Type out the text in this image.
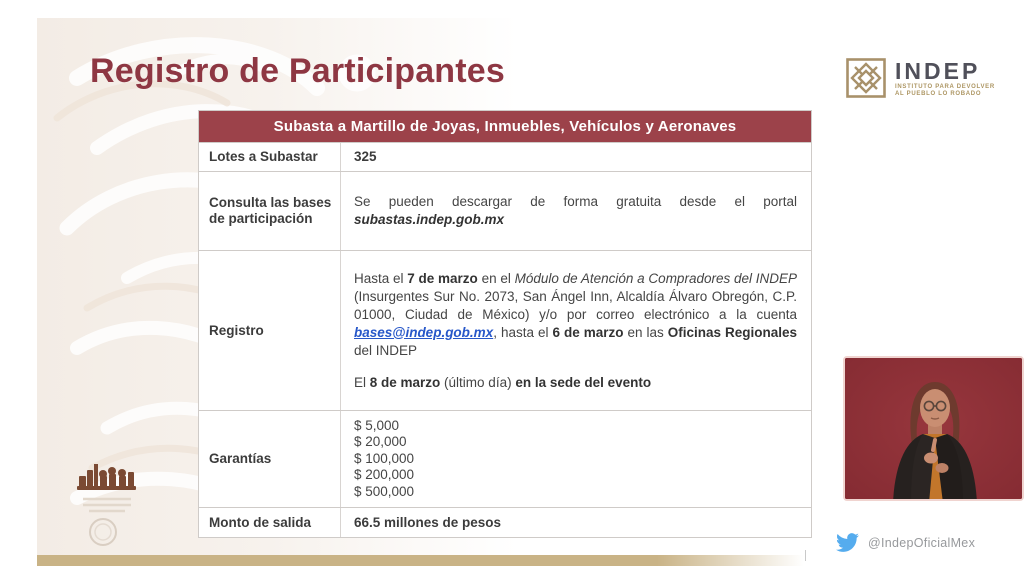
Registro de Participantes
Subasta a Martillo de Joyas, Inmuebles, Vehículos y Aeronaves
Lotes a Subastar	325
Consulta las bases de participación

Se pueden descargar de forma gratuita desde el portal subastas.indep.gob.mx

Registro

Hasta el 7 de marzo en el Módulo de Atención a Compradores del INDEP (Insurgentes Sur No. 2073, San Ángel Inn, Alcaldía Álvaro Obregón, C.P. 01000, Ciudad de México) y/o por correo electrónico a la cuenta bases@indep.gob.mx, hasta el 6 de marzo en las Oficinas Regionales del INDEP

El 8 de marzo (último día) en la sede del evento

Garantías
$ 5,000
$ 20,000
$ 100,000
$ 200,000
$ 500,000
Monto de salida	66.5 millones de pesos
INDEP
INSTITUTO PARA DEVOLVER
AL PUEBLO LO ROBADO
@IndepOficialMex
